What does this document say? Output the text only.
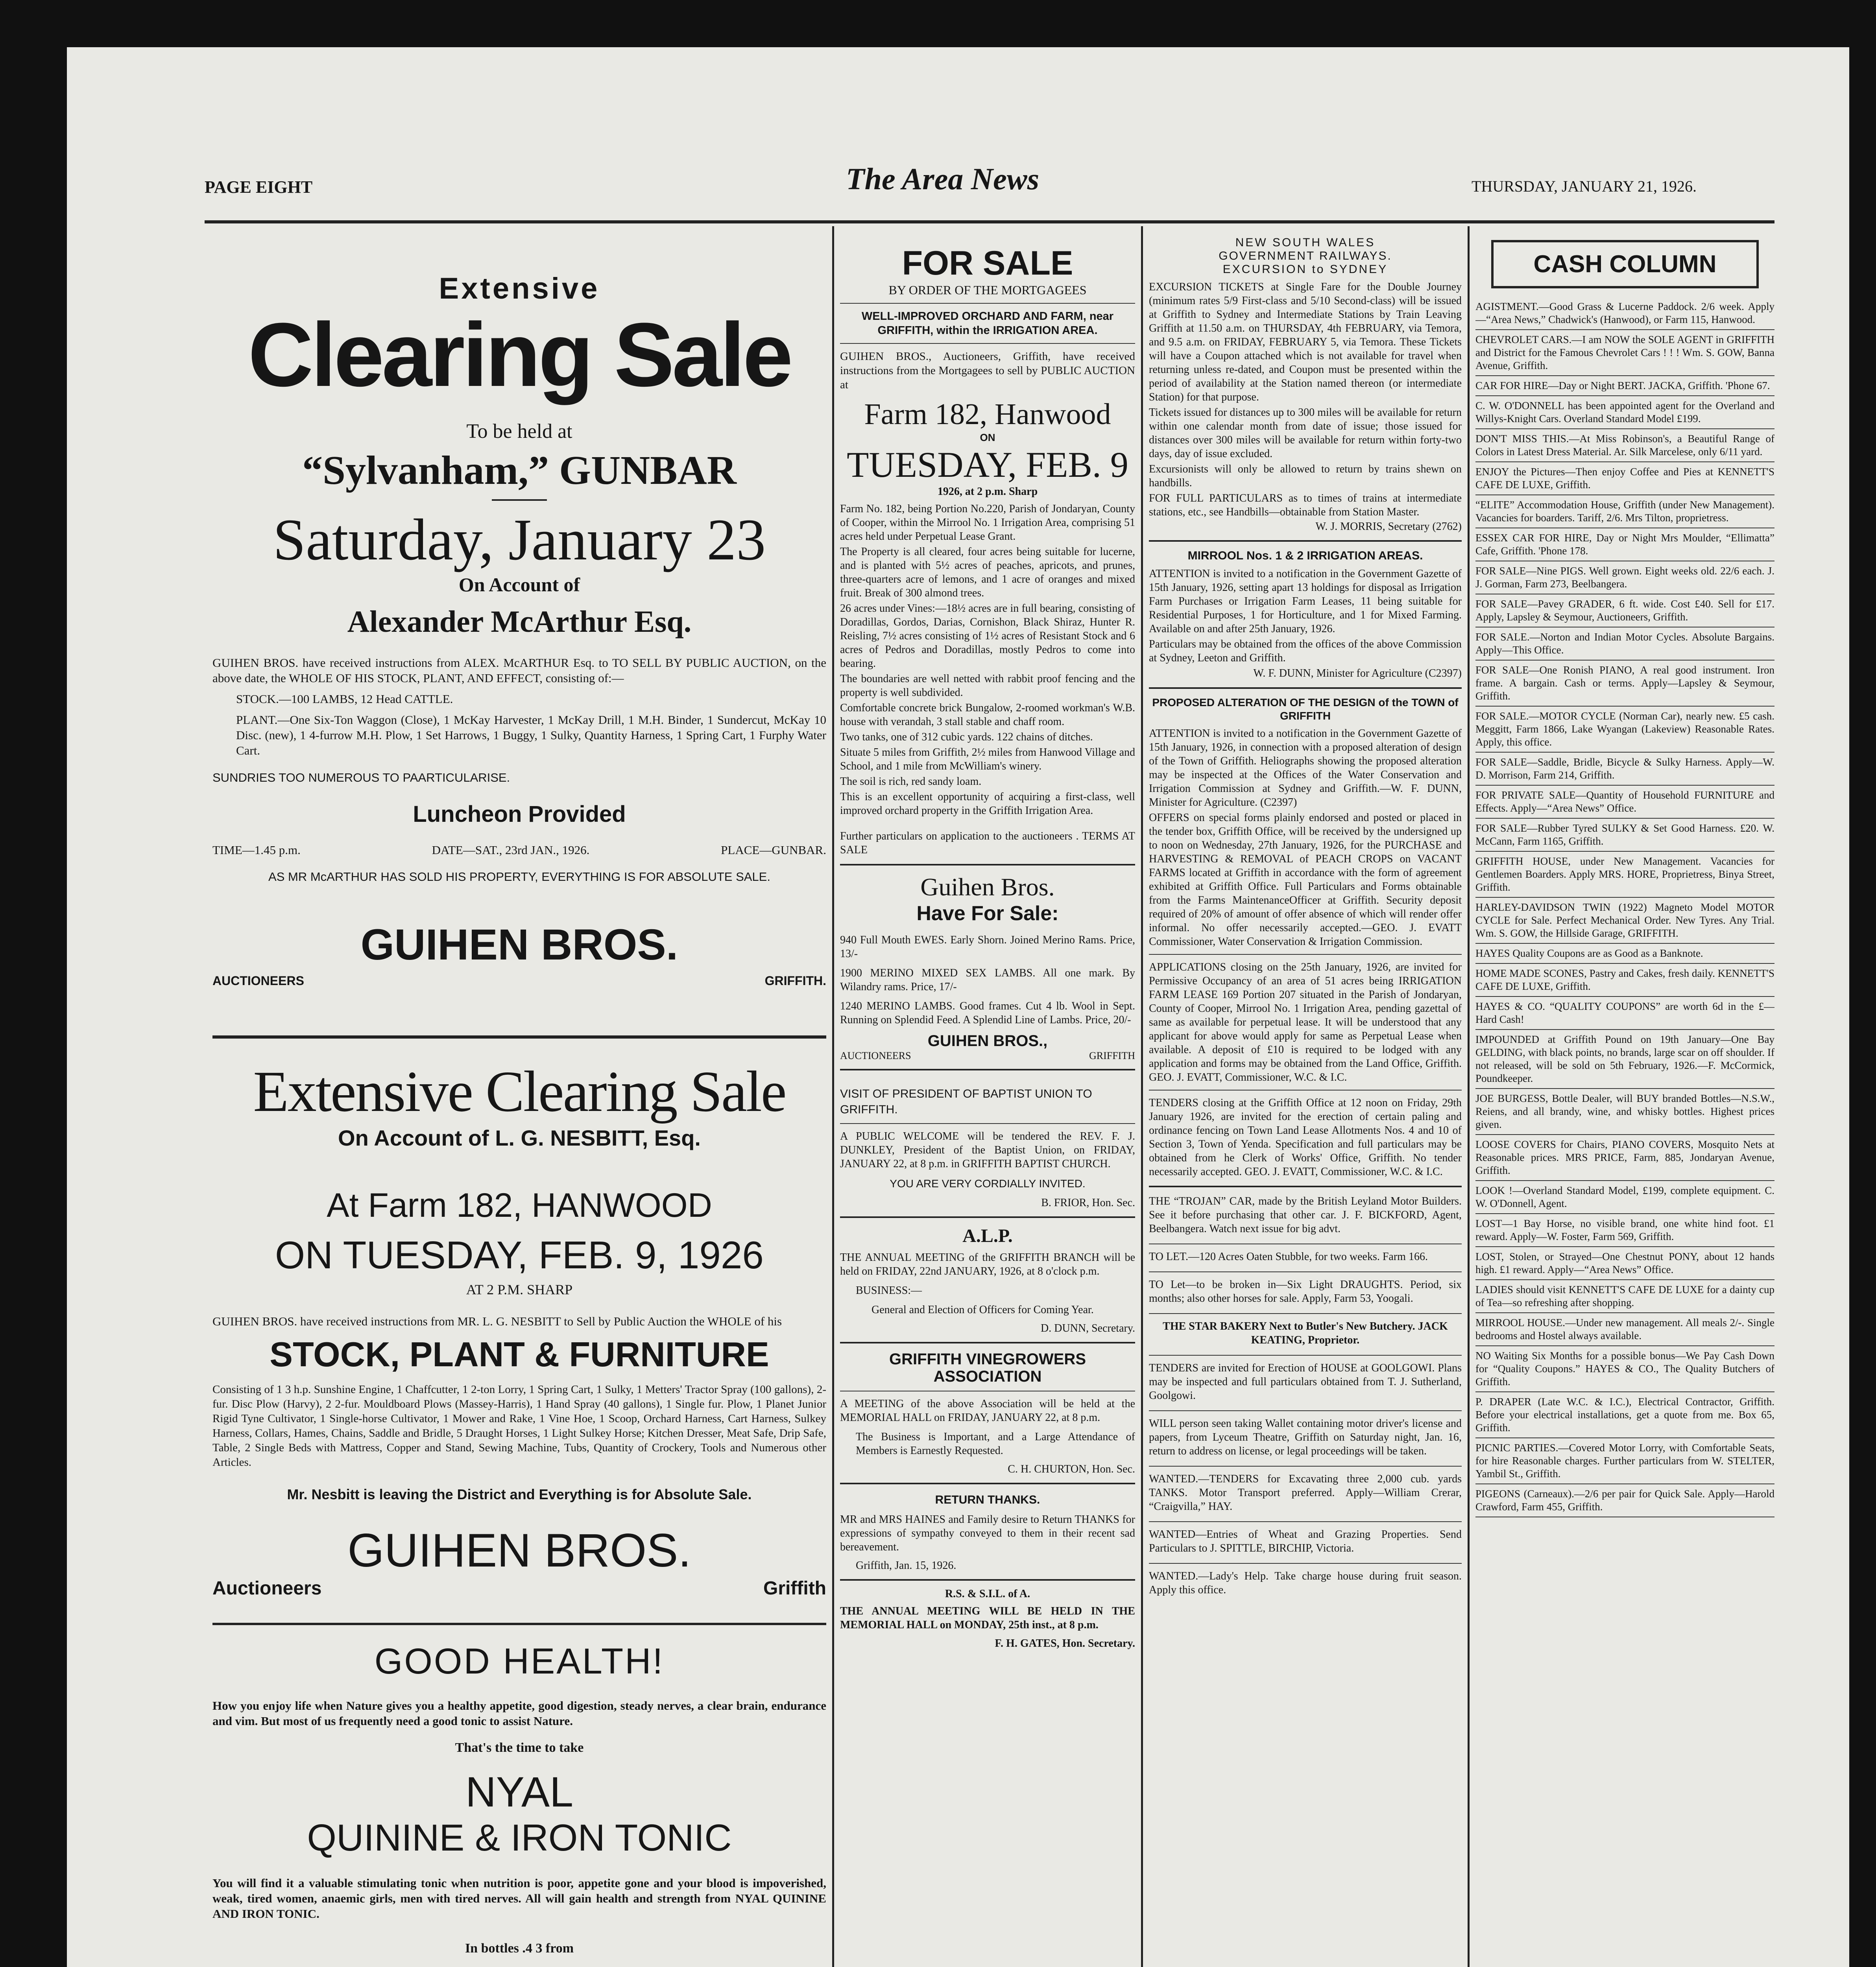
PAGE EIGHT	The Area News	THURSDAY, JANUARY 21, 1926.
Extensive
Clearing Sale
To be held at
“Sylvanham,” GUNBAR
Saturday, January 23
On Account of
Alexander McArthur Esq.

GUIHEN BROS. have received instructions from ALEX. McARTHUR Esq. to TO SELL BY PUBLIC AUCTION, on the above date, the WHOLE OF HIS STOCK, PLANT, AND EFFECT, consisting of:—

STOCK.—100 LAMBS, 12 Head CATTLE.

PLANT.—One Six-Ton Waggon (Close), 1 McKay Harvester, 1 McKay Drill, 1 M.H. Binder, 1 Sundercut, McKay 10 Disc. (new), 1 4-furrow M.H. Plow, 1 Set Harrows, 1 Buggy, 1 Sulky, Quantity Harness, 1 Spring Cart, 1 Furphy Water Cart.

SUNDRIES TOO NUMEROUS TO PAARTICULARISE.

Luncheon Provided
TIME—1.45 p.m.	DATE—SAT., 23rd JAN., 1926.	PLACE—GUNBAR.

AS MR McARTHUR HAS SOLD HIS PROPERTY, EVERYTHING IS FOR ABSOLUTE SALE.

GUIHEN BROS.
AUCTIONEERS	GRIFFITH.
Extensive Clearing Sale
On Account of L. G. NESBITT, Esq.
At Farm 182, HANWOOD
ON TUESDAY, FEB. 9, 1926
AT 2 P.M. SHARP

GUIHEN BROS. have received instructions from MR. L. G. NESBITT to Sell by Public Auction the WHOLE of his

STOCK, PLANT & FURNITURE

Consisting of 1 3 h.p. Sunshine Engine, 1 Chaffcutter, 1 2-ton Lorry, 1 Spring Cart, 1 Sulky, 1 Metters' Tractor Spray (100 gallons), 2-fur. Disc Plow (Harvy), 2 2-fur. Mouldboard Plows (Massey-Harris), 1 Hand Spray (40 gallons), 1 Single fur. Plow, 1 Planet Junior Rigid Tyne Cultivator, 1 Single-horse Cultivator, 1 Mower and Rake, 1 Vine Hoe, 1 Scoop, Orchard Harness, Cart Harness, Sulkey Harness, Collars, Hames, Chains, Saddle and Bridle, 5 Draught Horses, 1 Light Sulkey Horse; Kitchen Dresser, Meat Safe, Drip Safe, Table, 2 Single Beds with Mattress, Copper and Stand, Sewing Machine, Tubs, Quantity of Crockery, Tools and Numerous other Articles.

Mr. Nesbitt is leaving the District and Everything is for Absolute Sale.

GUIHEN BROS.
Auctioneers	Griffith
GOOD HEALTH!

How you enjoy life when Nature gives you a healthy appetite, good digestion, steady nerves, a clear brain, endurance and vim. But most of us frequently need a good tonic to assist Nature.

That's the time to take
NYAL
QUININE & IRON TONIC

You will find it a valuable stimulating tonic when nutrition is poor, appetite gone and your blood is impoverished, weak, tired women, anaemic girls, men with tired nerves. All will gain health and strength from NYAL QUININE AND IRON TONIC.

In bottles .4 3 from
FOR SALE
BY ORDER OF THE MORTGAGEES

WELL-IMPROVED ORCHARD AND FARM, near GRIFFITH, within the IRRIGATION AREA.

GUIHEN BROS., Auctioneers, Griffith, have received instructions from the Mortgagees to sell by PUBLIC AUCTION at

Farm 182, Hanwood
ON
TUESDAY, FEB. 9
1926, at 2 p.m. Sharp

Farm No. 182, being Portion No.220, Parish of Jondaryan, County of Cooper, within the Mirrool No. 1 Irrigation Area, comprising 51 acres held under Perpetual Lease Grant.

The Property is all cleared, four acres being suitable for lucerne, and is planted with 5½ acres of peaches, apricots, and prunes, three-quarters acre of lemons, and 1 acre of oranges and mixed fruit. Break of 300 almond trees.

26 acres under Vines:—18½ acres are in full bearing, consisting of Doradillas, Gordos, Darias, Cornishon, Black Shiraz, Hunter R. Reisling, 7½ acres consisting of 1½ acres of Resistant Stock and 6 acres of Pedros and Doradillas, mostly Pedros to come into bearing.

The boundaries are well netted with rabbit proof fencing and the property is well subdivided.

Comfortable concrete brick Bungalow, 2-roomed workman's W.B. house with verandah, 3 stall stable and chaff room.

Two tanks, one of 312 cubic yards. 122 chains of ditches.

Situate 5 miles from Griffith, 2½ miles from Hanwood Village and School, and 1 mile from McWilliam's winery.

The soil is rich, red sandy loam.

This is an excellent opportunity of acquiring a first-class, well improved orchard property in the Griffith Irrigation Area.

Further particulars on application to the auctioneers . TERMS AT SALE

Guihen Bros.
Have For Sale:

940 Full Mouth EWES. Early Shorn. Joined Merino Rams. Price, 13/-

1900 MERINO MIXED SEX LAMBS. All one mark. By Wilandry rams. Price, 17/-

1240 MERINO LAMBS. Good frames. Cut 4 lb. Wool in Sept. Running on Splendid Feed. A Splendid Line of Lambs. Price, 20/-

GUIHEN BROS.,
AUCTIONEERS	GRIFFITH

VISIT OF PRESIDENT OF BAPTIST UNION TO GRIFFITH.

A PUBLIC WELCOME will be tendered the REV. F. J. DUNKLEY, President of the Baptist Union, on FRIDAY, JANUARY 22, at 8 p.m. in GRIFFITH BAPTIST CHURCH.

YOU ARE VERY CORDIALLY INVITED.

B. FRIOR, Hon. Sec.
A.L.P.

THE ANNUAL MEETING of the GRIFFITH BRANCH will be held on FRIDAY, 22nd JANUARY, 1926, at 8 o'clock p.m.

BUSINESS:—

General and Election of Officers for Coming Year.

D. DUNN, Secretary.
GRIFFITH VINEGROWERS ASSOCIATION

A MEETING of the above Association will be held at the MEMORIAL HALL on FRIDAY, JANUARY 22, at 8 p.m.

The Business is Important, and a Large Attendance of Members is Earnestly Requested.

C. H. CHURTON, Hon. Sec.
RETURN THANKS.

MR and MRS HAINES and Family desire to Return THANKS for expressions of sympathy conveyed to them in their recent sad bereavement.

Griffith, Jan. 15, 1926.
R.S. & S.I.L. of A.

THE ANNUAL MEETING WILL BE HELD IN THE MEMORIAL HALL on MONDAY, 25th inst., at 8 p.m.

F. H. GATES, Hon. Secretary.
NEW SOUTH WALES
GOVERNMENT RAILWAYS.
EXCURSION to SYDNEY

EXCURSION TICKETS at Single Fare for the Double Journey (minimum rates 5/9 First-class and 5/10 Second-class) will be issued at Griffith to Sydney and Intermediate Stations by Train Leaving Griffith at 11.50 a.m. on THURSDAY, 4th FEBRUARY, via Temora, and 9.5 a.m. on FRIDAY, FEBRUARY 5, via Temora. These Tickets will have a Coupon attached which is not available for travel when returning unless re-dated, and Coupon must be presented within the period of availability at the Station named thereon (or intermediate Station) for that purpose.

Tickets issued for distances up to 300 miles will be available for return within one calendar month from date of issue; those issued for distances over 300 miles will be available for return within forty-two days, day of issue excluded.

Excursionists will only be allowed to return by trains shewn on handbills.

FOR FULL PARTICULARS as to times of trains at intermediate stations, etc., see Handbills—obtainable from Station Master.

W. J. MORRIS, Secretary (2762)
MIRROOL Nos. 1 & 2 IRRIGATION AREAS.

ATTENTION is invited to a notification in the Government Gazette of 15th January, 1926, setting apart 13 holdings for disposal as Irrigation Farm Purchases or Irrigation Farm Leases, 11 being suitable for Residential Purposes, 1 for Horticulture, and 1 for Mixed Farming. Available on and after 25th January, 1926.

Particulars may be obtained from the offices of the above Commission at Sydney, Leeton and Griffith.

W. F. DUNN, Minister for Agriculture (C2397)
PROPOSED ALTERATION OF THE DESIGN of the TOWN of GRIFFITH

ATTENTION is invited to a notification in the Government Gazette of 15th January, 1926, in connection with a proposed alteration of design of the Town of Griffith. Heliographs showing the proposed alteration may be inspected at the Offices of the Water Conservation and Irrigation Commission at Sydney and Griffith.—W. F. DUNN, Minister for Agriculture. (C2397)

OFFERS on special forms plainly endorsed and posted or placed in the tender box, Griffith Office, will be received by the undersigned up to noon on Wednesday, 27th January, 1926, for the PURCHASE and HARVESTING & REMOVAL of PEACH CROPS on VACANT FARMS located at Griffith in accordance with the form of agreement exhibited at Griffith Office. Full Particulars and Forms obtainable from the Farms MaintenanceOfficer at Griffith. Security deposit required of 20% of amount of offer absence of which will render offer informal. No offer necessarily accepted.—GEO. J. EVATT Commissioner, Water Conservation & Irrigation Commission.

APPLICATIONS closing on the 25th January, 1926, are invited for Permissive Occupancy of an area of 51 acres being IRRIGATION FARM LEASE 169 Portion 207 situated in the Parish of Jondaryan, County of Cooper, Mirrool No. 1 Irrigation Area, pending gazettal of same as available for perpetual lease. It will be understood that any applicant for above would apply for same as Perpetual Lease when available. A deposit of £10 is required to be lodged with any application and forms may be obtained from the Land Office, Griffith. GEO. J. EVATT, Commissioner, W.C. & I.C.

TENDERS closing at the Griffith Office at 12 noon on Friday, 29th January 1926, are invited for the erection of certain paling and ordinance fencing on Town Land Lease Allotments Nos. 4 and 10 of Section 3, Town of Yenda. Specification and full particulars may be obtained from he Clerk of Works' Office, Griffith. No tender necessarily accepted. GEO. J. EVATT, Commissioner, W.C. & I.C.

THE “TROJAN” CAR, made by the British Leyland Motor Builders. See it before purchasing that other car. J. F. BICKFORD, Agent, Beelbangera. Watch next issue for big advt.

TO LET.—120 Acres Oaten Stubble, for two weeks. Farm 166.

TO Let—to be broken in—Six Light DRAUGHTS. Period, six months; also other horses for sale. Apply, Farm 53, Yoogali.

THE STAR BAKERY Next to Butler's New Butchery. JACK KEATING, Proprietor.

TENDERS are invited for Erection of HOUSE at GOOLGOWI. Plans may be inspected and full particulars obtained from T. J. Sutherland, Goolgowi.

WILL person seen taking Wallet containing motor driver's license and papers, from Lyceum Theatre, Griffith on Saturday night, Jan. 16, return to address on license, or legal proceedings will be taken.

WANTED.—TENDERS for Excavating three 2,000 cub. yards TANKS. Motor Transport preferred. Apply—William Crerar, “Craigvilla,” HAY.

WANTED—Entries of Wheat and Grazing Properties. Send Particulars to J. SPITTLE, BIRCHIP, Victoria.

WANTED.—Lady's Help. Take charge house during fruit season. Apply this office.

CASH COLUMN

AGISTMENT.—Good Grass & Lucerne Paddock. 2/6 week. Apply—“Area News,” Chadwick's (Hanwood), or Farm 115, Hanwood.

CHEVROLET CARS.—I am NOW the SOLE AGENT in GRIFFITH and District for the Famous Chevrolet Cars ! ! ! Wm. S. GOW, Banna Avenue, Griffith.

CAR FOR HIRE—Day or Night BERT. JACKA, Griffith. 'Phone 67.

C. W. O'DONNELL has been appointed agent for the Overland and Willys-Knight Cars. Overland Standard Model £199.

DON'T MISS THIS.—At Miss Robinson's, a Beautiful Range of Colors in Latest Dress Material. Ar. Silk Marcelese, only 6/11 yard.

ENJOY the Pictures—Then enjoy Coffee and Pies at KENNETT'S CAFE DE LUXE, Griffith.

“ELITE” Accommodation House, Griffith (under New Management). Vacancies for boarders. Tariff, 2/6. Mrs Tilton, proprietress.

ESSEX CAR FOR HIRE, Day or Night Mrs Moulder, “Ellimatta” Cafe, Griffith. 'Phone 178.

FOR SALE—Nine PIGS. Well grown. Eight weeks old. 22/6 each. J. J. Gorman, Farm 273, Beelbangera.

FOR SALE—Pavey GRADER, 6 ft. wide. Cost £40. Sell for £17. Apply, Lapsley & Seymour, Auctioneers, Griffith.

FOR SALE.—Norton and Indian Motor Cycles. Absolute Bargains. Apply—This Office.

FOR SALE—One Ronish PIANO, A real good instrument. Iron frame. A bargain. Cash or terms. Apply—Lapsley & Seymour, Griffith.

FOR SALE.—MOTOR CYCLE (Norman Car), nearly new. £5 cash. Meggitt, Farm 1866, Lake Wyangan (Lakeview) Reasonable Rates. Apply, this office.

FOR SALE—Saddle, Bridle, Bicycle & Sulky Harness. Apply—W. D. Morrison, Farm 214, Griffith.

FOR PRIVATE SALE—Quantity of Household FURNITURE and Effects. Apply—“Area News” Office.

FOR SALE—Rubber Tyred SULKY & Set Good Harness. £20. W. McCann, Farm 1165, Griffith.

GRIFFITH HOUSE, under New Management. Vacancies for Gentlemen Boarders. Apply MRS. HORE, Proprietress, Binya Street, Griffith.

HARLEY-DAVIDSON TWIN (1922) Magneto Model MOTOR CYCLE for Sale. Perfect Mechanical Order. New Tyres. Any Trial. Wm. S. GOW, the Hillside Garage, GRIFFITH.

HAYES Quality Coupons are as Good as a Banknote.

HOME MADE SCONES, Pastry and Cakes, fresh daily. KENNETT'S CAFE DE LUXE, Griffith.

HAYES & CO. “QUALITY COUPONS” are worth 6d in the £—Hard Cash!

IMPOUNDED at Griffith Pound on 19th January—One Bay GELDING, with black points, no brands, large scar on off shoulder. If not released, will be sold on 5th February, 1926.—F. McCormick, Poundkeeper.

JOE BURGESS, Bottle Dealer, will BUY branded Bottles—N.S.W., Reiens, and all brandy, wine, and whisky bottles. Highest prices given.

LOOSE COVERS for Chairs, PIANO COVERS, Mosquito Nets at Reasonable prices. MRS PRICE, Farm, 885, Jondaryan Avenue, Griffith.

LOOK !—Overland Standard Model, £199, complete equipment. C. W. O'Donnell, Agent.

LOST—1 Bay Horse, no visible brand, one white hind foot. £1 reward. Apply—W. Foster, Farm 569, Griffith.

LOST, Stolen, or Strayed—One Chestnut PONY, about 12 hands high. £1 reward. Apply—“Area News” Office.

LADIES should visit KENNETT'S CAFE DE LUXE for a dainty cup of Tea—so refreshing after shopping.

MIRROOL HOUSE.—Under new management. All meals 2/-. Single bedrooms and Hostel always available.

NO Waiting Six Months for a possible bonus—We Pay Cash Down for “Quality Coupons.” HAYES & CO., The Quality Butchers of Griffith.

P. DRAPER (Late W.C. & I.C.), Electrical Contractor, Griffith. Before your electrical installations, get a quote from me. Box 65, Griffith.

PICNIC PARTIES.—Covered Motor Lorry, with Comfortable Seats, for hire Reasonable charges. Further particulars from W. STELTER, Yambil St., Griffith.

PIGEONS (Carneaux).—2/6 per pair for Quick Sale. Apply—Harold Crawford, Farm 455, Griffith.
